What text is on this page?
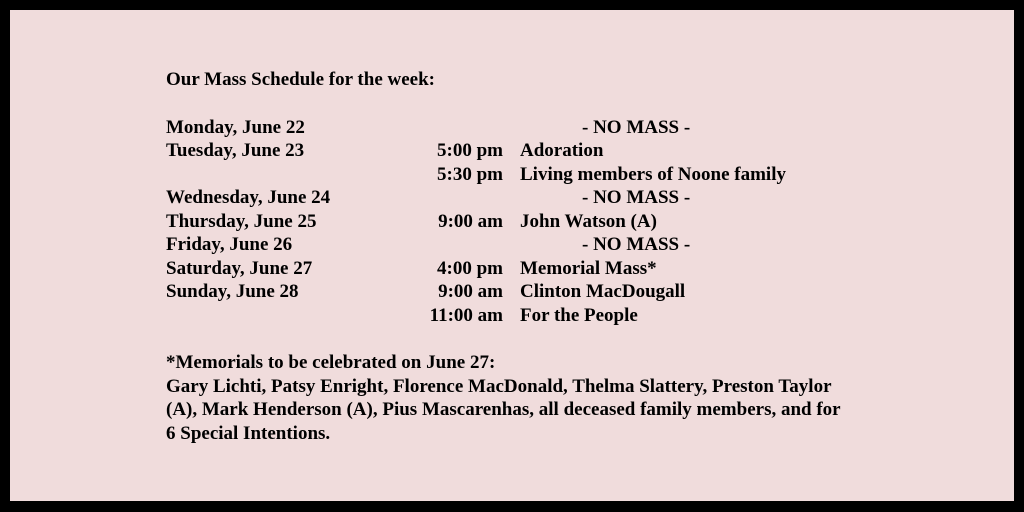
Our Mass Schedule for the week:
Monday, June 22	- NO MASS -
Tuesday, June 23	5:00 pm Adoration
5:30 pm Living members of Noone family
Wednesday, June 24	- NO MASS -
Thursday, June 25	9:00 am John Watson (A)
Friday, June 26	- NO MASS -
Saturday, June 27	4:00 pm Memorial Mass*
Sunday, June 28	9:00 am Clinton MacDougall
11:00 am For the People
*Memorials to be celebrated on June 27:
Gary Lichti, Patsy Enright, Florence MacDonald, Thelma Slattery, Preston Taylor (A), Mark Henderson (A), Pius Mascarenhas, all deceased family members, and for 6 Special Intentions.
